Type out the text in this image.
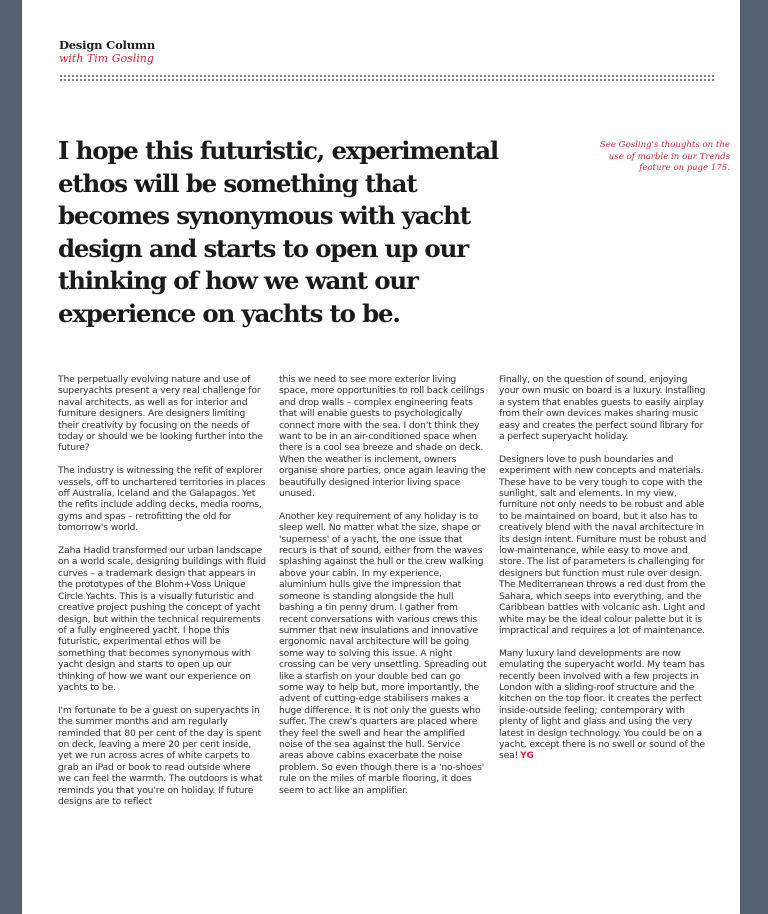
Design Column
with Tim Gosling
I hope this futuristic, experimental ethos will be something that becomes synonymous with yacht design and starts to open up our thinking of how we want our experience on yachts to be.
See Gosling's thoughts on the use of marble in our Trends feature on page 175.

The perpetually evolving nature and use of superyachts present a very real challenge for naval architects, as well as for interior and furniture designers. Are designers limiting their creativity by focusing on the needs of today or should we be looking further into the future?

The industry is witnessing the refit of explorer vessels, off to unchartered territories in places off Australia, Iceland and the Galapagos. Yet the refits include adding decks, media rooms, gyms and spas – retrofitting the old for tomorrow's world.

Zaha Hadid transformed our urban landscape on a world scale, designing buildings with fluid curves – a trademark design that appears in the prototypes of the Blohm+Voss Unique Circle Yachts. This is a visually futuristic and creative project pushing the concept of yacht design, but within the technical requirements of a fully engineered yacht. I hope this futuristic, experimental ethos will be something that becomes synonymous with yacht design and starts to open up our thinking of how we want our experience on yachts to be.

I'm fortunate to be a guest on superyachts in the summer months and am regularly reminded that 80 per cent of the day is spent on deck, leaving a mere 20 per cent inside, yet we run across acres of white carpets to grab an iPad or book to read outside where we can feel the warmth. The outdoors is what reminds you that you're on holiday. If future designs are to reflect

this we need to see more exterior living space, more opportunities to roll back ceilings and drop walls – complex engineering feats that will enable guests to psychologically connect more with the sea. I don't think they want to be in an air-conditioned space when there is a cool sea breeze and shade on deck. When the weather is inclement, owners organise shore parties, once again leaving the beautifully designed interior living space unused.

Another key requirement of any holiday is to sleep well. No matter what the size, shape or 'superness' of a yacht, the one issue that recurs is that of sound, either from the waves splashing against the hull or the crew walking above your cabin. In my experience, aluminium hulls give the impression that someone is standing alongside the hull bashing a tin penny drum. I gather from recent conversations with various crews this summer that new insulations and innovative ergonomic naval architecture will be going some way to solving this issue. A night crossing can be very unsettling. Spreading out like a starfish on your double bed can go some way to help but, more importantly, the advent of cutting-edge stabilisers makes a huge difference. It is not only the guests who suffer. The crew's quarters are placed where they feel the swell and hear the amplified noise of the sea against the hull. Service areas above cabins exacerbate the noise problem. So even though there is a 'no-shoes' rule on the miles of marble flooring, it does seem to act like an amplifier.

Finally, on the question of sound, enjoying your own music on board is a luxury. Installing a system that enables guests to easily airplay from their own devices makes sharing music easy and creates the perfect sound library for a perfect superyacht holiday.

Designers love to push boundaries and experiment with new concepts and materials. These have to be very tough to cope with the sunlight, salt and elements. In my view, furniture not only needs to be robust and able to be maintained on board, but it also has to creatively blend with the naval architecture in its design intent. Furniture must be robust and low-maintenance, while easy to move and store. The list of parameters is challenging for designers but function must rule over design. The Mediterranean throws a red dust from the Sahara, which seeps into everything, and the Caribbean battles with volcanic ash. Light and white may be the ideal colour palette but it is impractical and requires a lot of maintenance.

Many luxury land developments are now emulating the superyacht world. My team has recently been involved with a few projects in London with a sliding-roof structure and the kitchen on the top floor. It creates the perfect inside-outside feeling; contemporary with plenty of light and glass and using the very latest in design technology. You could be on a yacht, except there is no swell or sound of the sea! YG
